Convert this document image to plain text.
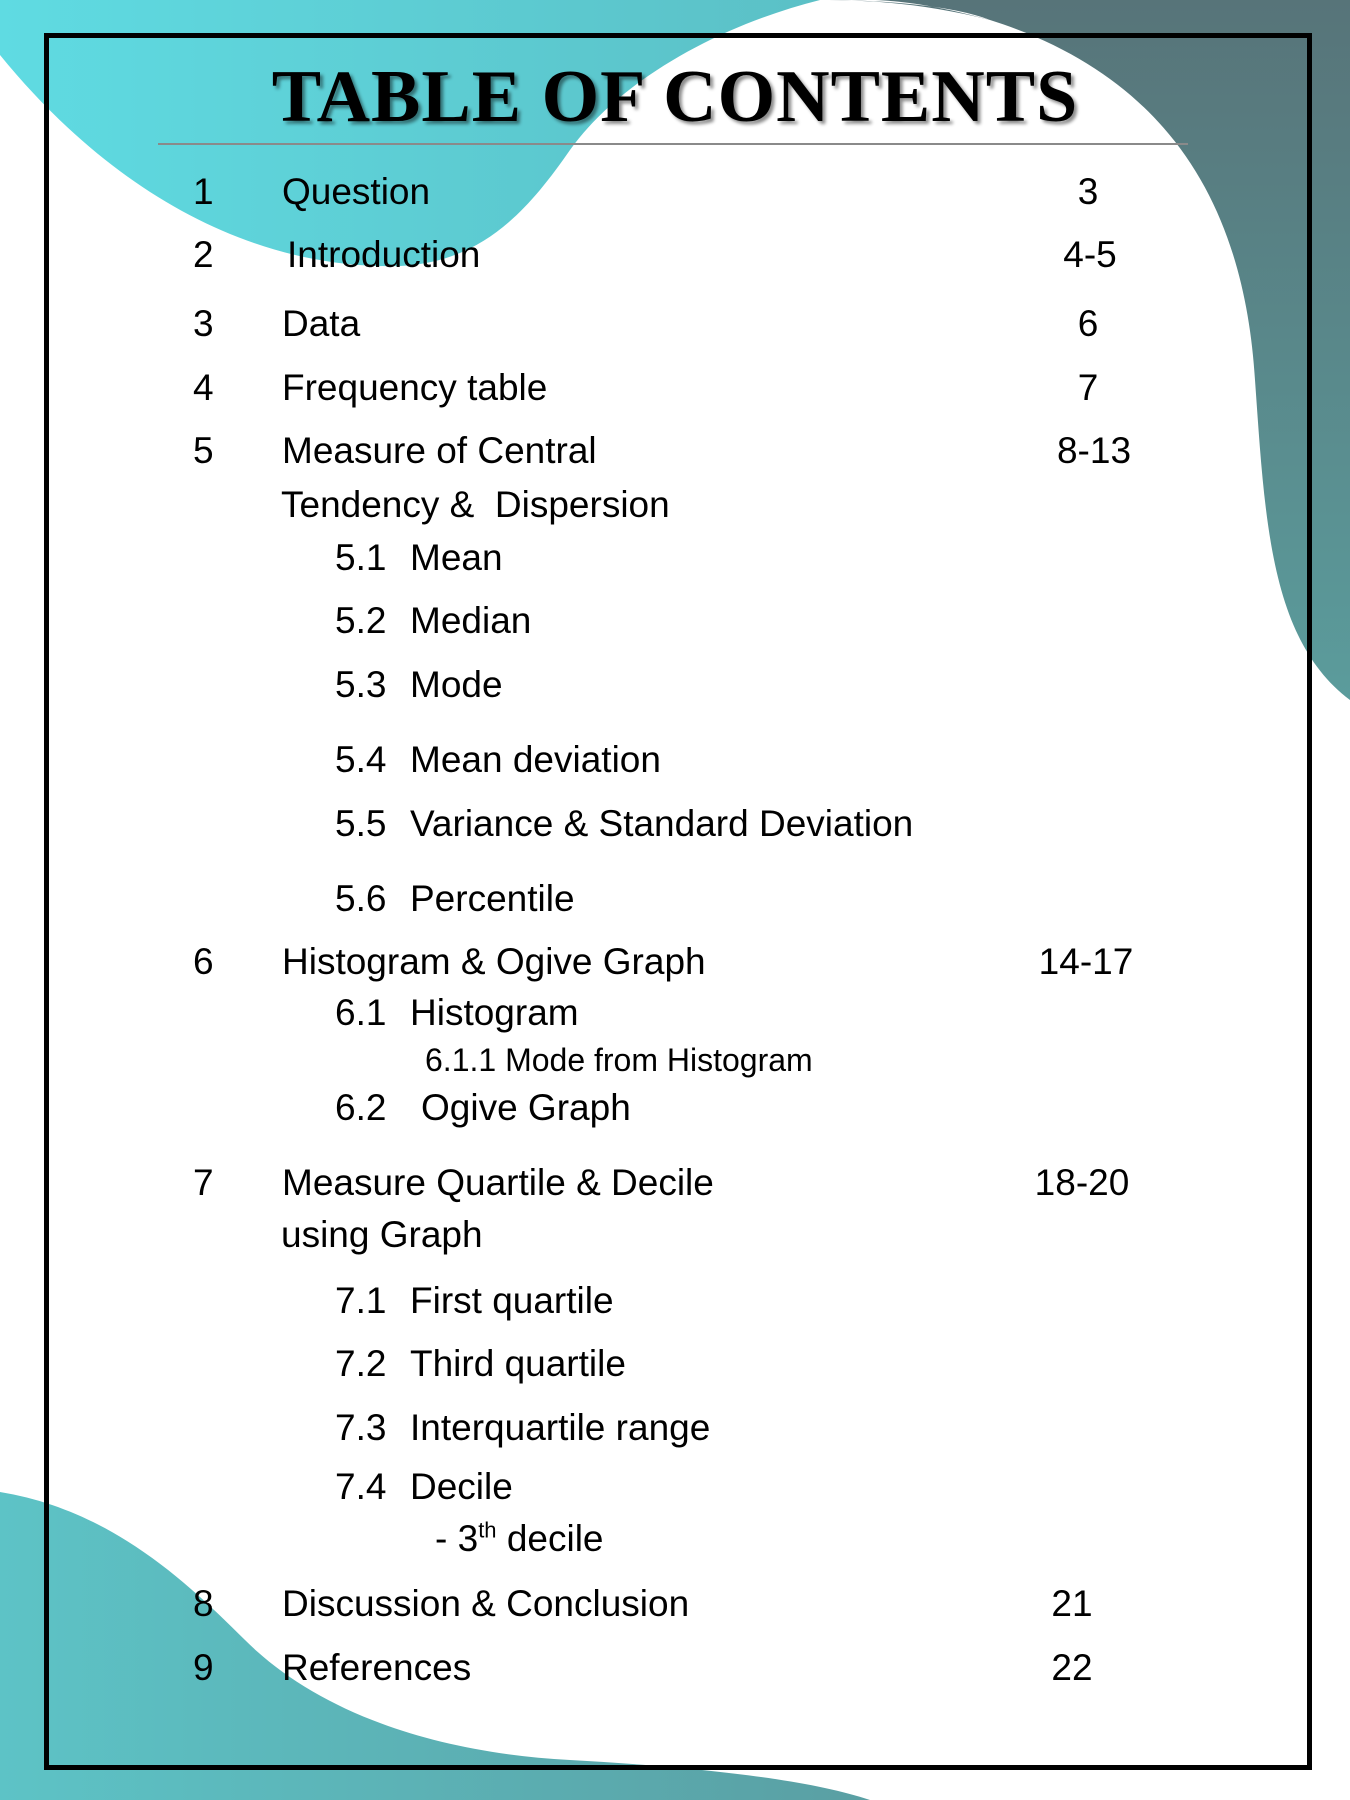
TABLE OF CONTENTS
1 Question	3
2 Introduction	4-5
3 Data	6
4 Frequency table	7
5 Measure of Central	8-13
Tendency &  Dispersion
5.1 Mean
5.2 Median
5.3 Mode
5.4 Mean deviation
5.5 Variance & Standard Deviation
5.6 Percentile
6 Histogram & Ogive Graph	14-17
6.1 Histogram
6.1.1 Mode from Histogram
6.2 Ogive Graph
7 Measure Quartile & Decile	18-20
using Graph
7.1 First quartile
7.2 Third quartile
7.3 Interquartile range
7.4 Decile
- 3th decile
8 Discussion & Conclusion	21
9 References	22
